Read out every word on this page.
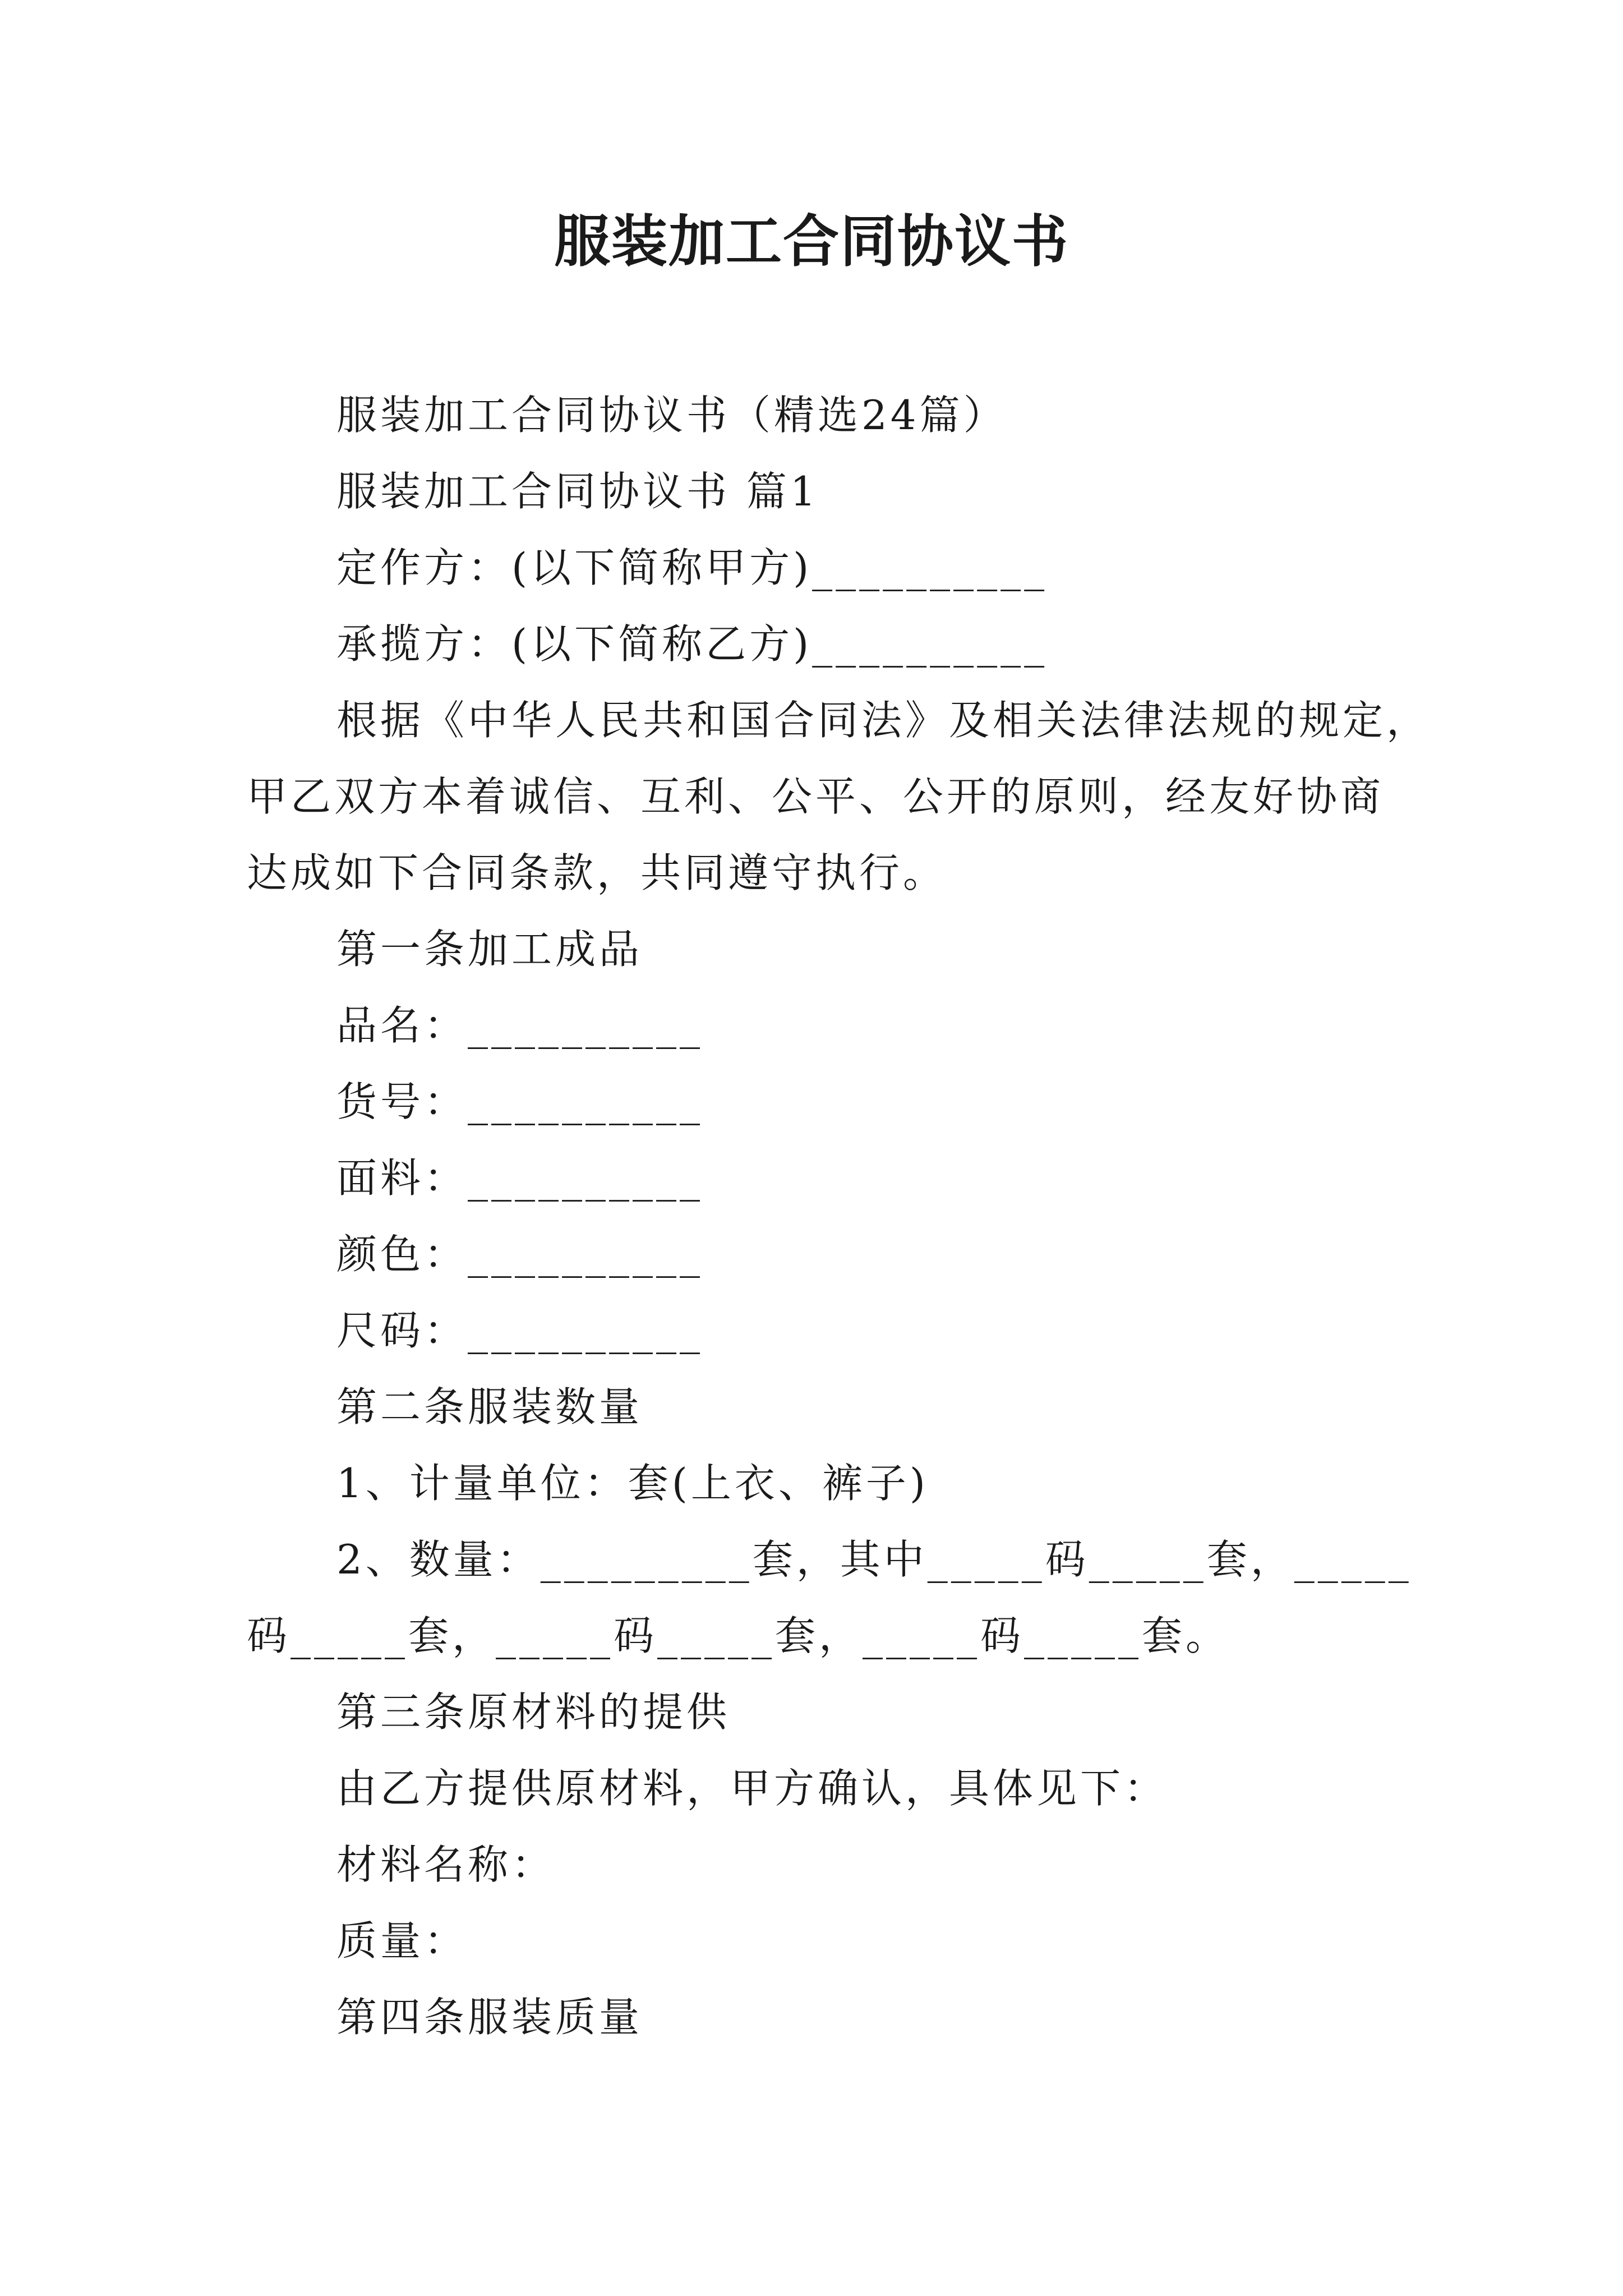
服装加工合同协议书
服装加工合同协议书（精选24篇）
服装加工合同协议书 篇1
定作方：(以下简称甲方)__________
承揽方：(以下简称乙方)__________
根据《中华人民共和国合同法》及相关法律法规的规定，
甲乙双方本着诚信、互利、公平、公开的原则，经友好协商
达成如下合同条款，共同遵守执行。
第一条加工成品
品名：__________
货号：__________
面料：__________
颜色：__________
尺码：__________
第二条服装数量
1、计量单位：套(上衣、裤子)
2、数量：_________套，其中_____码_____套，_____
码_____套，_____码_____套，_____码_____套。
第三条原材料的提供
由乙方提供原材料，甲方确认，具体见下：
材料名称：
质量：
第四条服装质量
